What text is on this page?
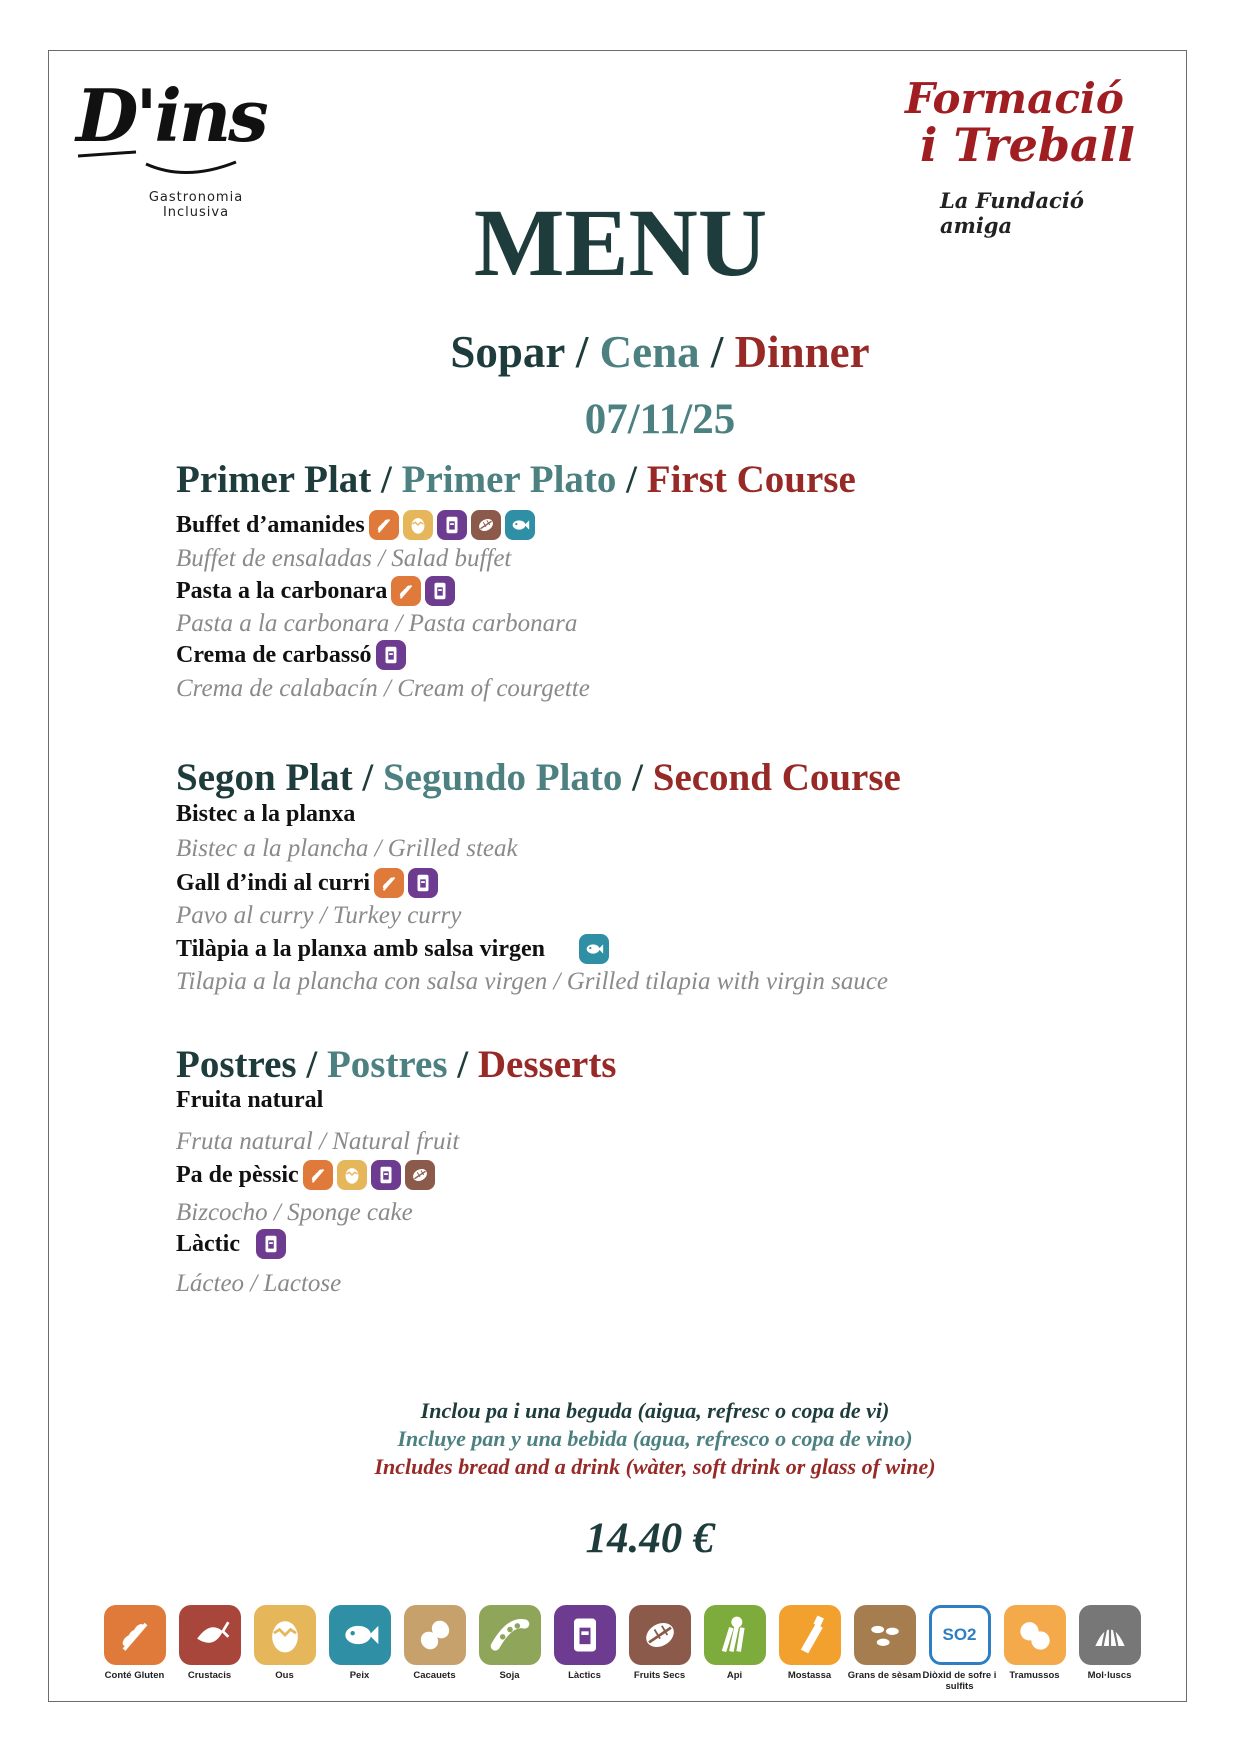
D'ins
Gastronomia
Inclusiva
Formació
i Treball
La Fundació amiga
MENU
Sopar / Cena / Dinner
07/11/25
Primer Plat / Primer Plato / First Course
Buffet d’amanides
Buffet de ensaladas / Salad buffet
Pasta a la carbonara
Pasta a la carbonara / Pasta carbonara
Crema de carbassó
Crema de calabacín / Cream of courgette
Segon Plat / Segundo Plato / Second Course
Bistec a la planxa
Bistec a la plancha / Grilled steak
Gall d’indi al curri
Pavo al curry / Turkey curry
Tilàpia a la planxa amb salsa virgen
Tilapia a la plancha con salsa virgen / Grilled tilapia with virgin sauce
Postres / Postres / Desserts
Fruita natural
Fruta natural / Natural fruit
Pa de pèssic
Bizcocho / Sponge cake
Làctic
Lácteo / Lactose
Inclou pa i una beguda (aigua, refresc o copa de vi)
Incluye pan y una bebida (agua, refresco o copa de vino)
Includes bread and a drink (wàter, soft drink or glass of wine)
14.40 €
Conté Gluten	Crustacis	Ous	Peix	Cacauets	Soja	Làctics	Fruits Secs	Api	Mostassa	Grans de sèsam
SO2
Diòxid de sofre i sulfits
Tramussos	Mol·luscs
